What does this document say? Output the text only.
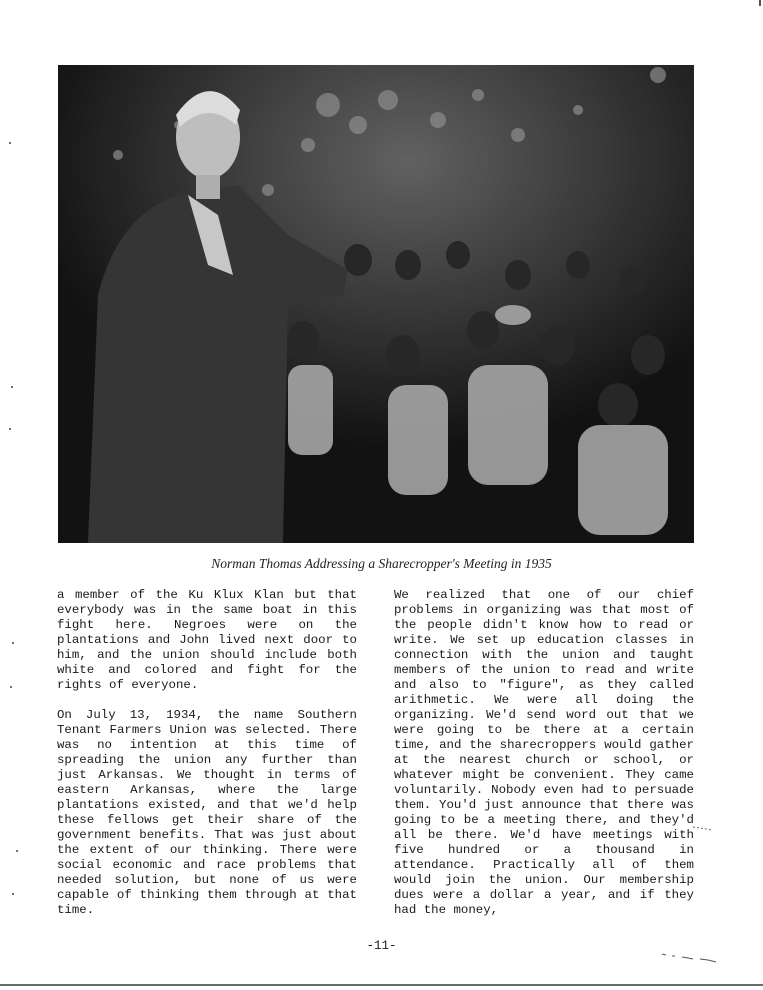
Norman Thomas Addressing a Sharecropper's Meeting in 1935

a member of the Ku Klux Klan but that everybody was in the same boat in this fight here. Negroes were on the plantations and John lived next door to him, and the union should include both white and colored and fight for the rights of everyone.

On July 13, 1934, the name Southern Tenant Farmers Union was selected. There was no intention at this time of spreading the union any further than just Arkansas. We thought in terms of eastern Arkansas, where the large plantations existed, and that we'd help these fellows get their share of the government benefits. That was just about the extent of our thinking. There were social economic and race problems that needed solution, but none of us were capable of thinking them through at that time.

We realized that one of our chief problems in organizing was that most of the people didn't know how to read or write. We set up education classes in connection with the union and taught members of the union to read and write and also to "figure", as they called arithmetic. We were all doing the organizing. We'd send word out that we were going to be there at a certain time, and the sharecroppers would gather at the nearest church or school, or whatever might be convenient. They came voluntarily. Nobody even had to persuade them. You'd just announce that there was going to be a meeting there, and they'd all be there. We'd have meetings with five hundred or a thousand in attendance. Practically all of them would join the union. Our membership dues were a dollar a year, and if they had the money,

-11-
